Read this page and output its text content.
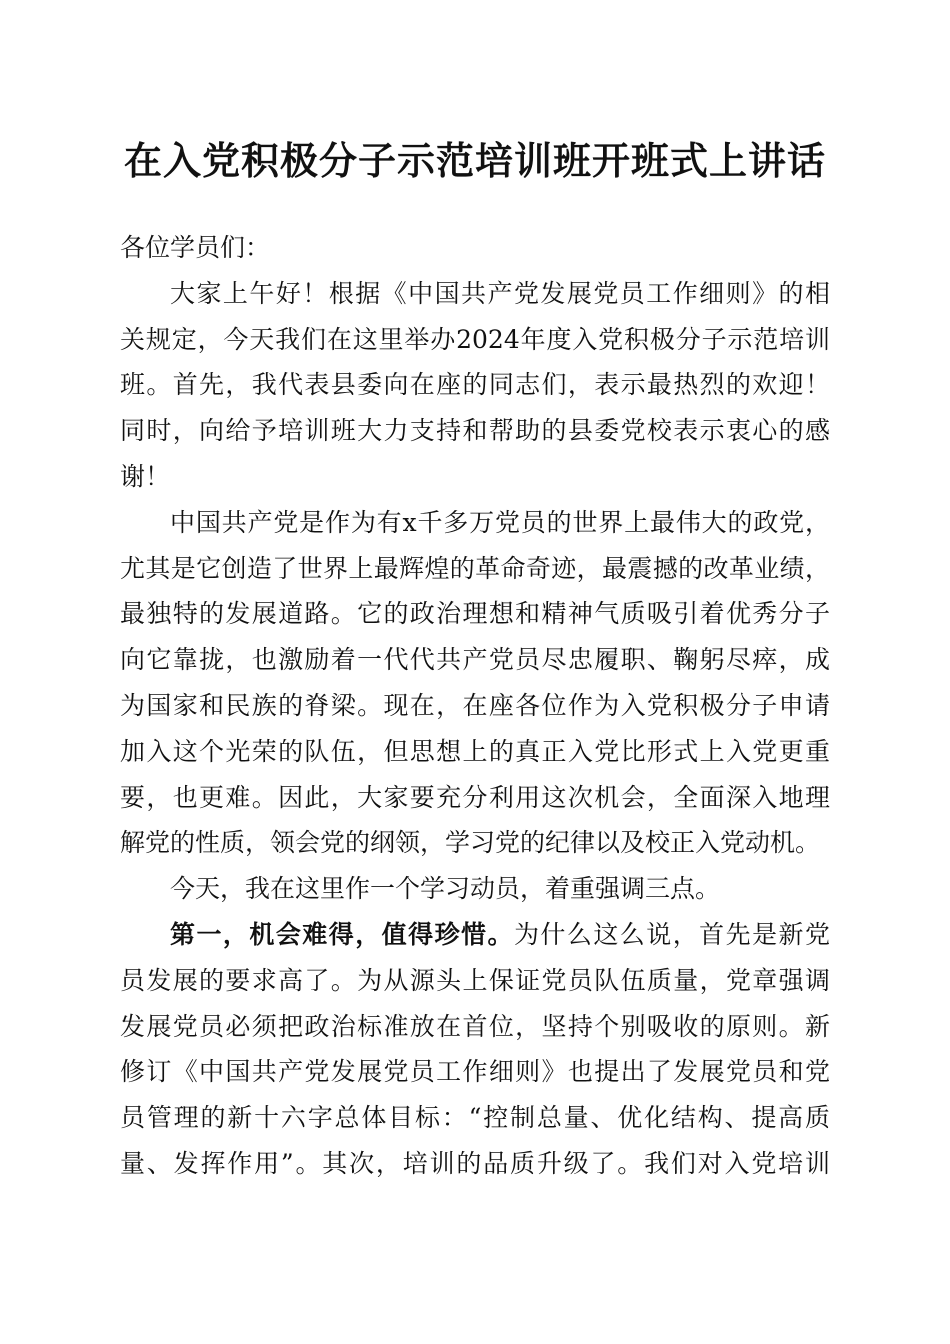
在入党积极分子示范培训班开班式上讲话
各位学员们：
大家上午好！根据《中国共产党发展党员工作细则》的相
关规定，今天我们在这里举办2024年度入党积极分子示范培训
班。首先，我代表县委向在座的同志们，表示最热烈的欢迎！
同时，向给予培训班大力支持和帮助的县委党校表示衷心的感
谢！
中国共产党是作为有x千多万党员的世界上最伟大的政党，
尤其是它创造了世界上最辉煌的革命奇迹，最震撼的改革业绩，
最独特的发展道路。它的政治理想和精神气质吸引着优秀分子
向它靠拢，也激励着一代代共产党员尽忠履职、鞠躬尽瘁，成
为国家和民族的脊梁。现在，在座各位作为入党积极分子申请
加入这个光荣的队伍，但思想上的真正入党比形式上入党更重
要，也更难。因此，大家要充分利用这次机会，全面深入地理
解党的性质，领会党的纲领，学习党的纪律以及校正入党动机。
今天，我在这里作一个学习动员，着重强调三点。
第一，机会难得，值得珍惜。为什么这么说，首先是新党
员发展的要求高了。为从源头上保证党员队伍质量，党章强调
发展党员必须把政治标准放在首位，坚持个别吸收的原则。新
修订《中国共产党发展党员工作细则》也提出了发展党员和党
员管理的新十六字总体目标：“控制总量、优化结构、提高质
量、发挥作用”。其次，培训的品质升级了。我们对入党培训
